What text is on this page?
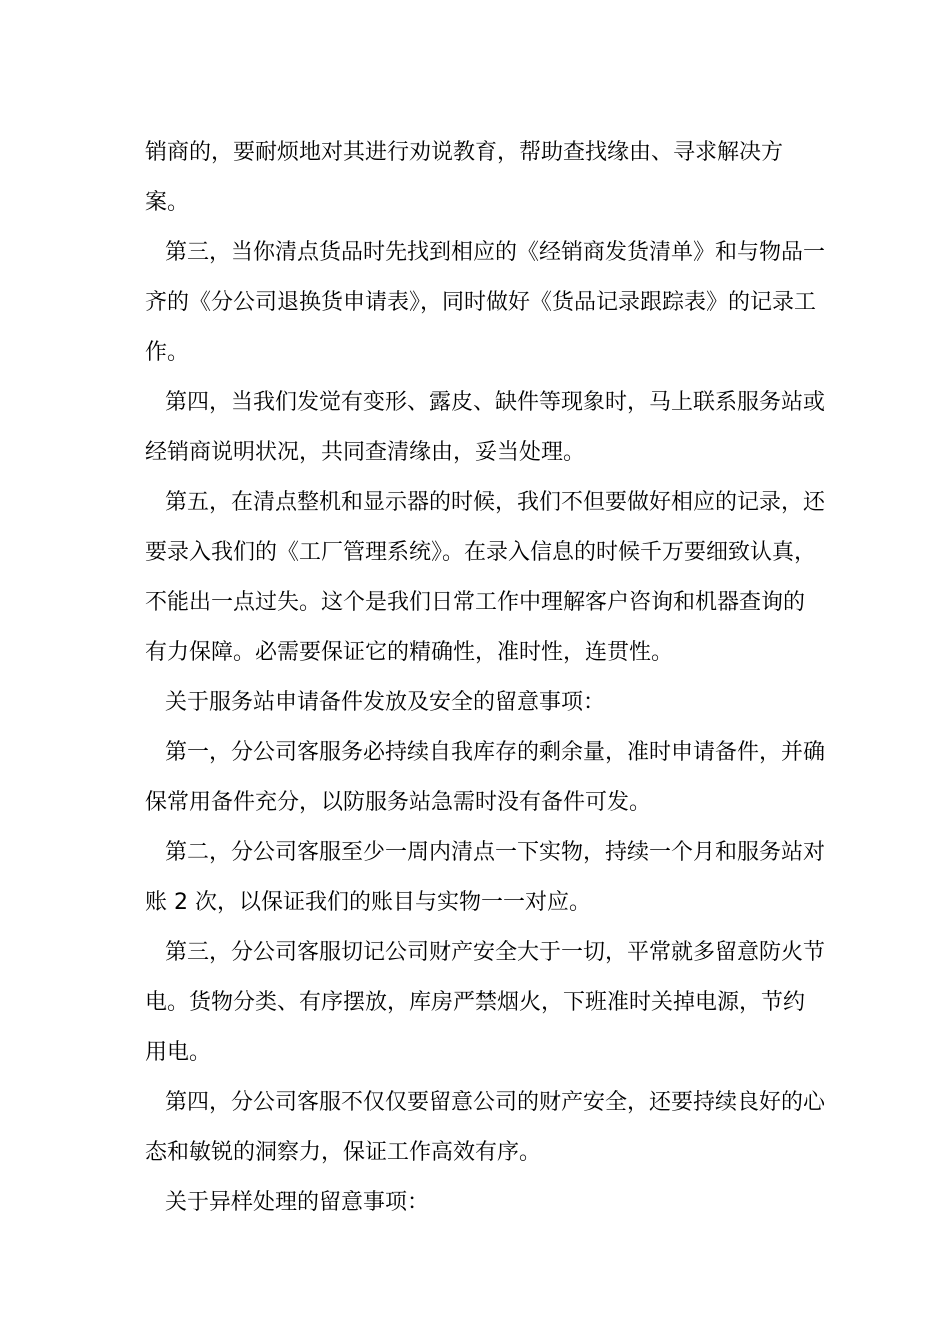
销商的，要耐烦地对其进行劝说教育，帮助查找缘由、寻求解决方案。

第三，当你清点货品时先找到相应的《经销商发货清单》和与物品一齐的《分公司退换货申请表》，同时做好《货品记录跟踪表》的记录工作。

第四，当我们发觉有变形、露皮、缺件等现象时，马上联系服务站或经销商说明状况，共同查清缘由，妥当处理。

第五，在清点整机和显示器的时候，我们不但要做好相应的记录，还要录入我们的《工厂管理系统》。在录入信息的时候千万要细致认真，不能出一点过失。这个是我们日常工作中理解客户咨询和机器查询的有力保障。必需要保证它的精确性，准时性，连贯性。

关于服务站申请备件发放及安全的留意事项：

第一，分公司客服务必持续自我库存的剩余量，准时申请备件，并确保常用备件充分，以防服务站急需时没有备件可发。

第二，分公司客服至少一周内清点一下实物，持续一个月和服务站对账 2 次，以保证我们的账目与实物一一对应。

第三，分公司客服切记公司财产安全大于一切，平常就多留意防火节电。货物分类、有序摆放，库房严禁烟火，下班准时关掉电源，节约用电。

第四，分公司客服不仅仅要留意公司的财产安全，还要持续良好的心态和敏锐的洞察力，保证工作高效有序。

关于异样处理的留意事项：
